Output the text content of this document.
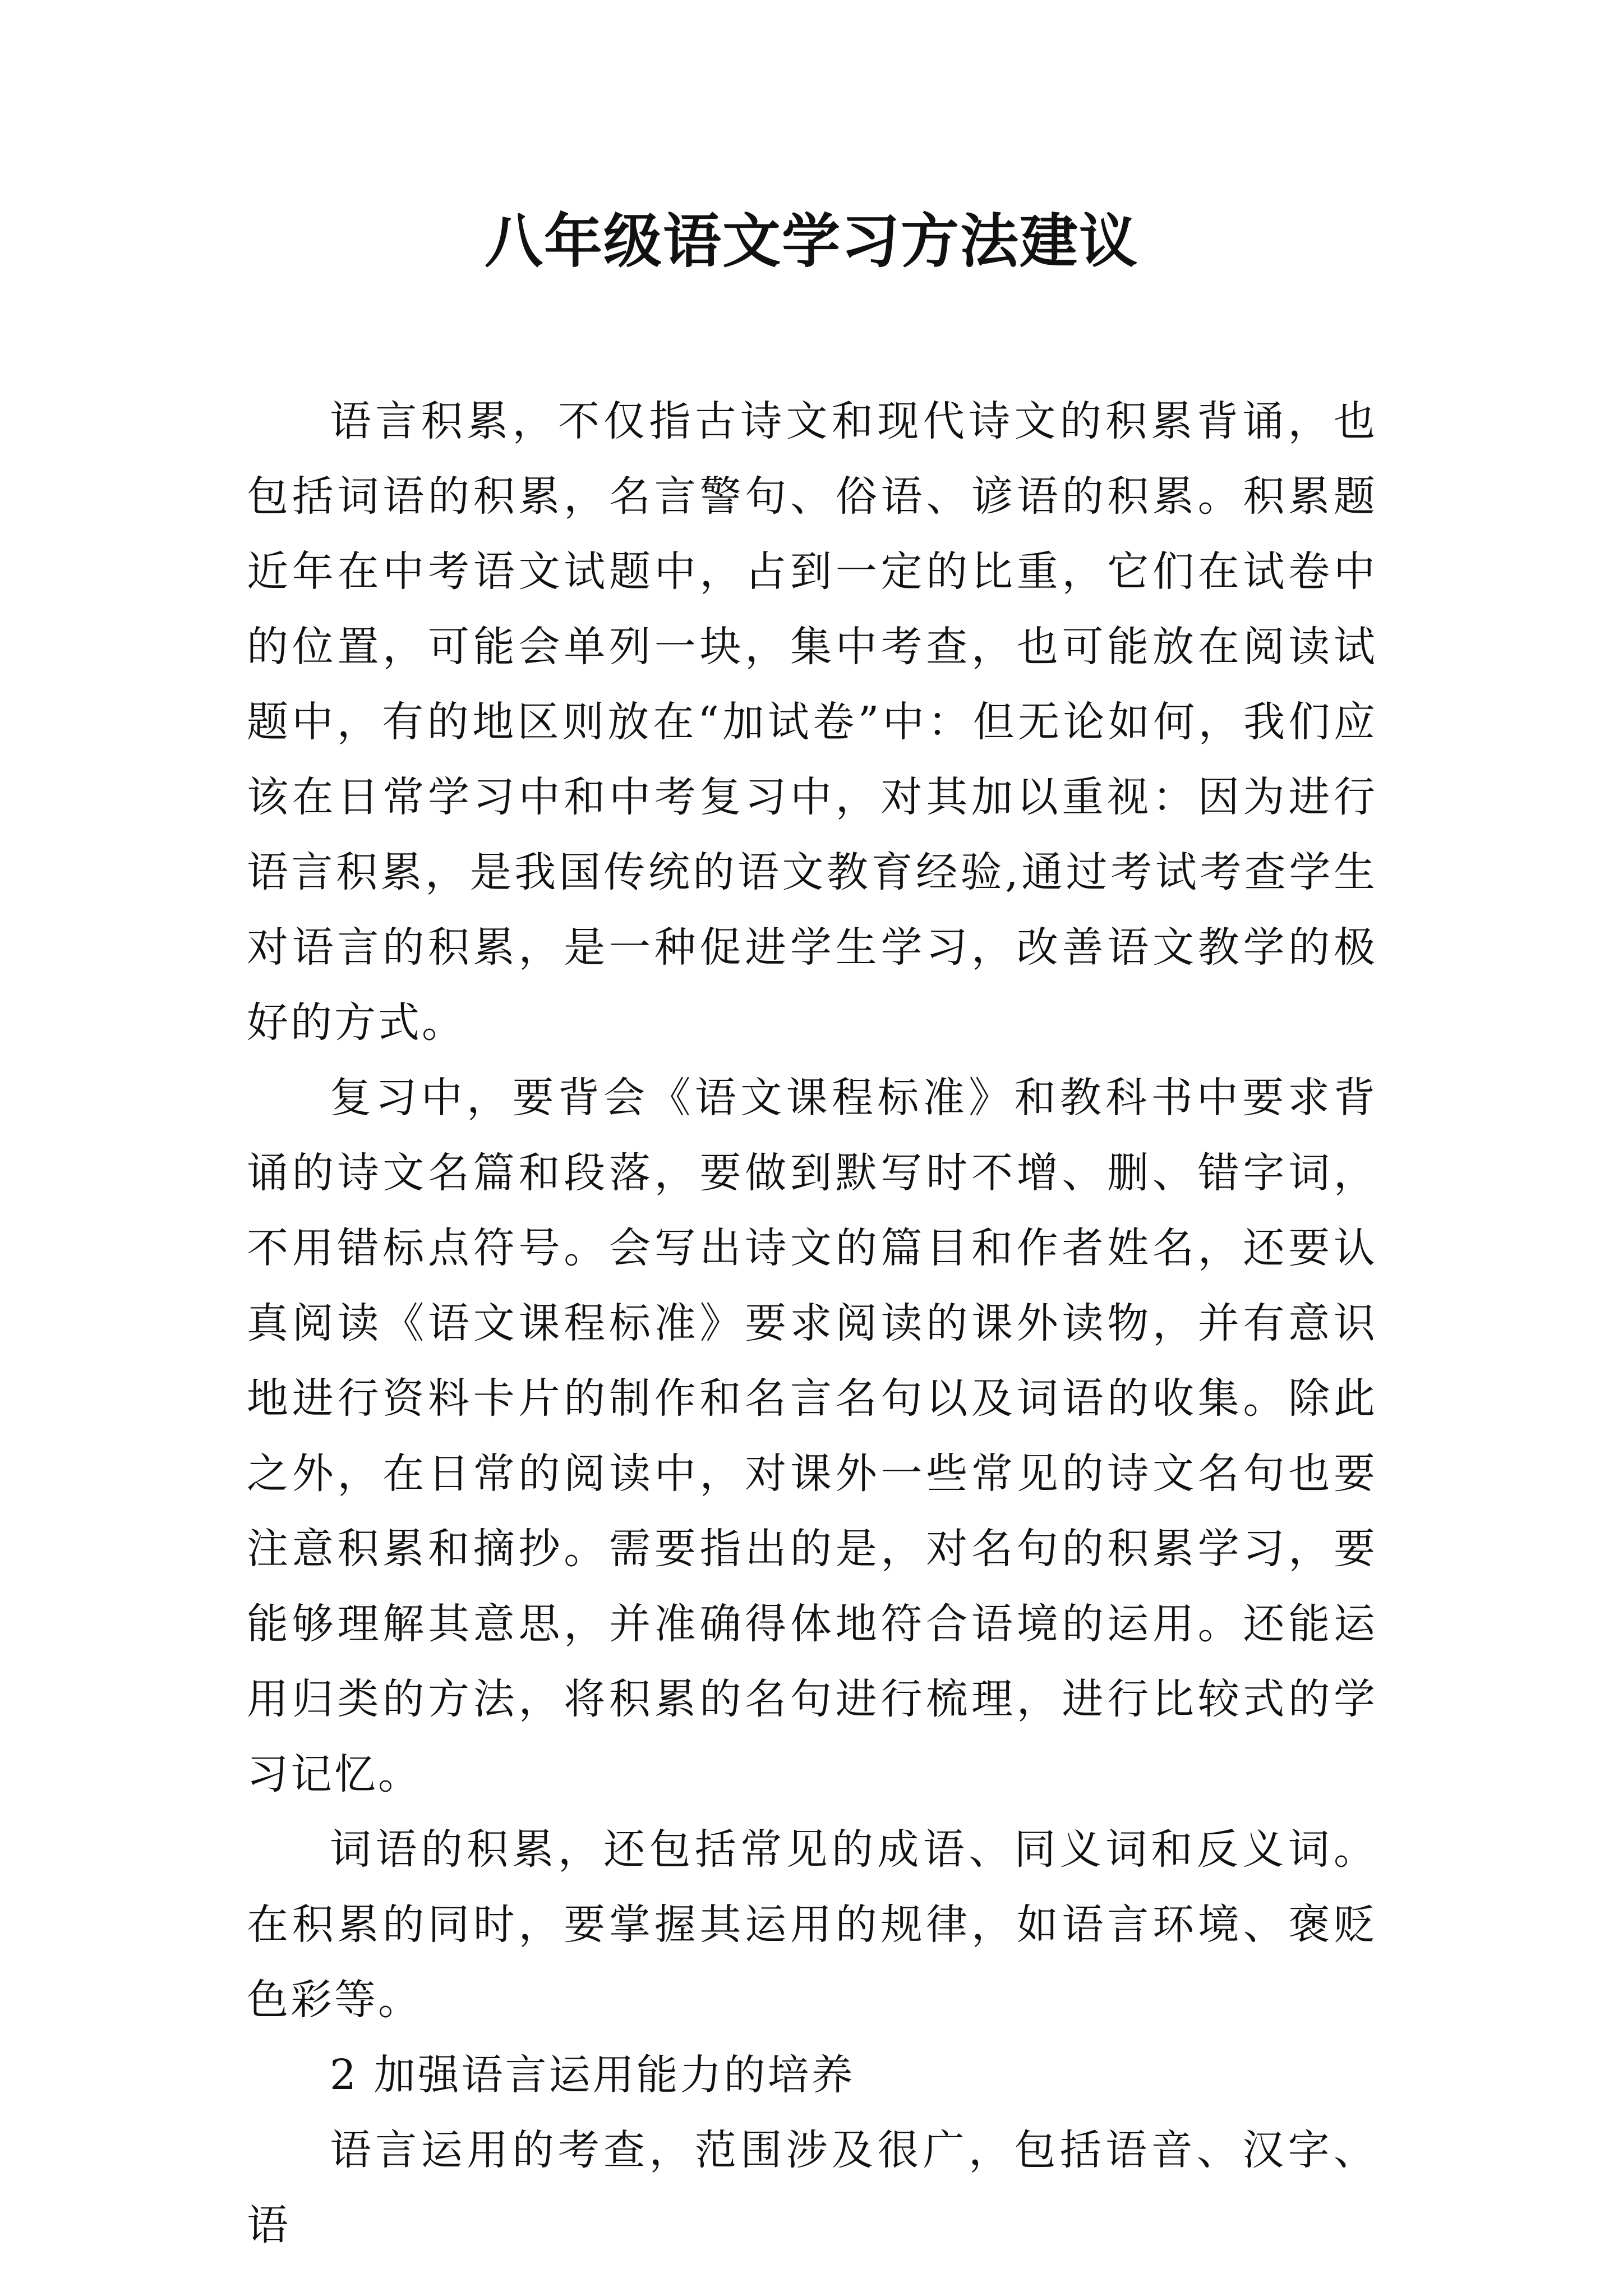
八年级语文学习方法建议

语言积累，不仅指古诗文和现代诗文的积累背诵，也包括词语的积累，名言警句、俗语、谚语的积累。积累题近年在中考语文试题中，占到一定的比重，它们在试卷中的位置，可能会单列一块，集中考查，也可能放在阅读试题中，有的地区则放在“加试卷”中：但无论如何，我们应该在日常学习中和中考复习中，对其加以重视：因为进行语言积累，是我国传统的语文教育经验,通过考试考查学生对语言的积累，是一种促进学生学习，改善语文教学的极好的方式。

复习中，要背会《语文课程标准》和教科书中要求背诵的诗文名篇和段落，要做到默写时不增、删、错字词，不用错标点符号。会写出诗文的篇目和作者姓名，还要认真阅读《语文课程标准》要求阅读的课外读物，并有意识地进行资料卡片的制作和名言名句以及词语的收集。除此之外，在日常的阅读中，对课外一些常见的诗文名句也要注意积累和摘抄。需要指出的是，对名句的积累学习，要能够理解其意思，并准确得体地符合语境的运用。还能运用归类的方法，将积累的名句进行梳理，进行比较式的学习记忆。

词语的积累，还包括常见的成语、同义词和反义词。在积累的同时，要掌握其运用的规律，如语言环境、褒贬色彩等。

2 加强语言运用能力的培养

语言运用的考查，范围涉及很广，包括语音、汉字、语
